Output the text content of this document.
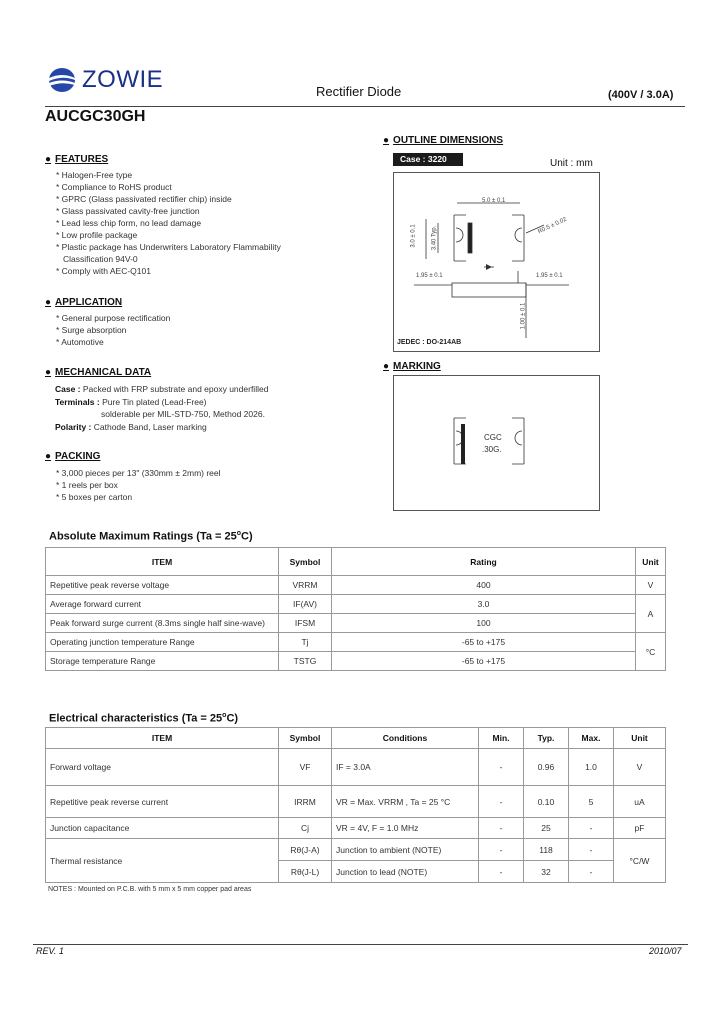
ZOWIE	Rectifier Diode	(400V / 3.0A)
AUCGC30GH
● FEATURES
* Halogen-Free type
* Compliance to RoHS product
* GPRC (Glass passivated rectifier chip) inside
* Glass passivated cavity-free junction
* Lead less chip form, no lead damage
* Low profile package
* Plastic package has Underwriters Laboratory Flammability
Classification 94V-0
* Comply with AEC-Q101
● APPLICATION
* General purpose rectification
* Surge absorption
* Automotive
● MECHANICAL DATA
Case : Packed with FRP substrate and epoxy underfilled
Terminals : Pure Tin plated (Lead-Free)
solderable per MIL-STD-750, Method 2026.
Polarity : Cathode Band, Laser marking
● PACKING
* 3,000 pieces per 13" (330mm ± 2mm) reel
* 1 reels per box
* 5 boxes per carton
● OUTLINE DIMENSIONS
Case : 3220	Unit : mm
5.0 ± 0.1
3.0 ± 0.1 3.40 Typ.	R0.5 ± 0.02
1.95 ± 0.1	1.95 ± 0.1
1.00 ± 0.1
JEDEC : DO-214AB
● MARKING
CGC
.30G.
Absolute Maximum Ratings $(Ta = 25^oC)$
ITEM	Symbol	Rating	Unit
Repetitive peak reverse voltage	VRRM	400	V
Average forward current	IF(AV)	3.0	A
Peak forward surge current (8.3ms single half sine-wave)	IFSM	100	
Operating junction temperature Range	Tj	-65 to +175	°C
Storage temperature Range	TSTG	-65 to +175	
Electrical characteristics $(Ta = 25^oC)$
ITEM	Symbol	Conditions	Min.	Typ.	Max.	Unit
Forward voltage	VF	IF = 3.0A	-	0.96	1.0	V
Repetitive peak reverse current	IRRM	VR = Max. VRRM , Ta = 25 °C	-	0.10	5	uA
Junction capacitance	Cj	VR = 4V, F = 1.0 MHz	-	25	-	pF
Thermal resistance	Rθ(J-A)	Junction to ambient (NOTE)	-	118	-	°C/W
	Rθ(J-L)	Junction to lead (NOTE)	-	32	-	
NOTES : Mounted on P.C.B. with 5 mm x 5 mm copper pad areas
REV. 1	2010/07
